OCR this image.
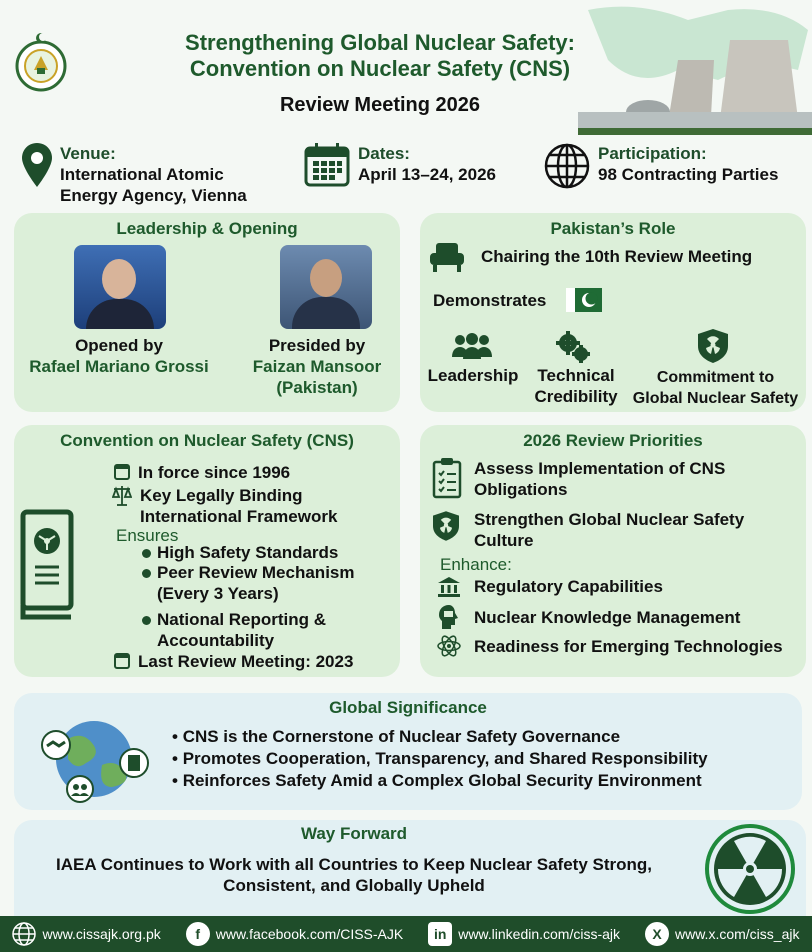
Strengthening Global Nuclear Safety:
Convention on Nuclear Safety (CNS)
Review Meeting 2026
Venue:
International Atomic
Energy Agency, Vienna
Dates:
April 13–24, 2026
Participation:
98 Contracting Parties
Leadership & Opening
Opened by
Rafael Mariano Grossi
Presided by
Faizan Mansoor
(Pakistan)
Pakistan’s Role
Chairing the 10th Review Meeting
Demonstrates
Leadership	Technical
Credibility
Commitment to
Global Nuclear Safety
Convention on Nuclear Safety (CNS)
In force since 1996
Key Legally Binding
International Framework
Ensures
High Safety Standards
Peer Review Mechanism
(Every 3 Years)
National Reporting &
Accountability
Last Review Meeting: 2023
2026 Review Priorities
Assess Implementation of CNS
Obligations
Strengthen Global Nuclear Safety
Culture
Enhance:
Regulatory Capabilities
Nuclear Knowledge Management
Readiness for Emerging Technologies
Global Significance
• CNS is the Cornerstone of Nuclear Safety Governance
• Promotes Cooperation, Transparency, and Shared Responsibility
• Reinforces Safety Amid a Complex Global Security Environment
Way Forward
IAEA Continues to Work with all Countries to Keep Nuclear Safety Strong,
Consistent, and Globally Upheld
www.cissajk.org.pk	f	www.facebook.com/CISS-AJK	in www.linkedin.com/ciss-ajk	X www.x.com/ciss_ajk
